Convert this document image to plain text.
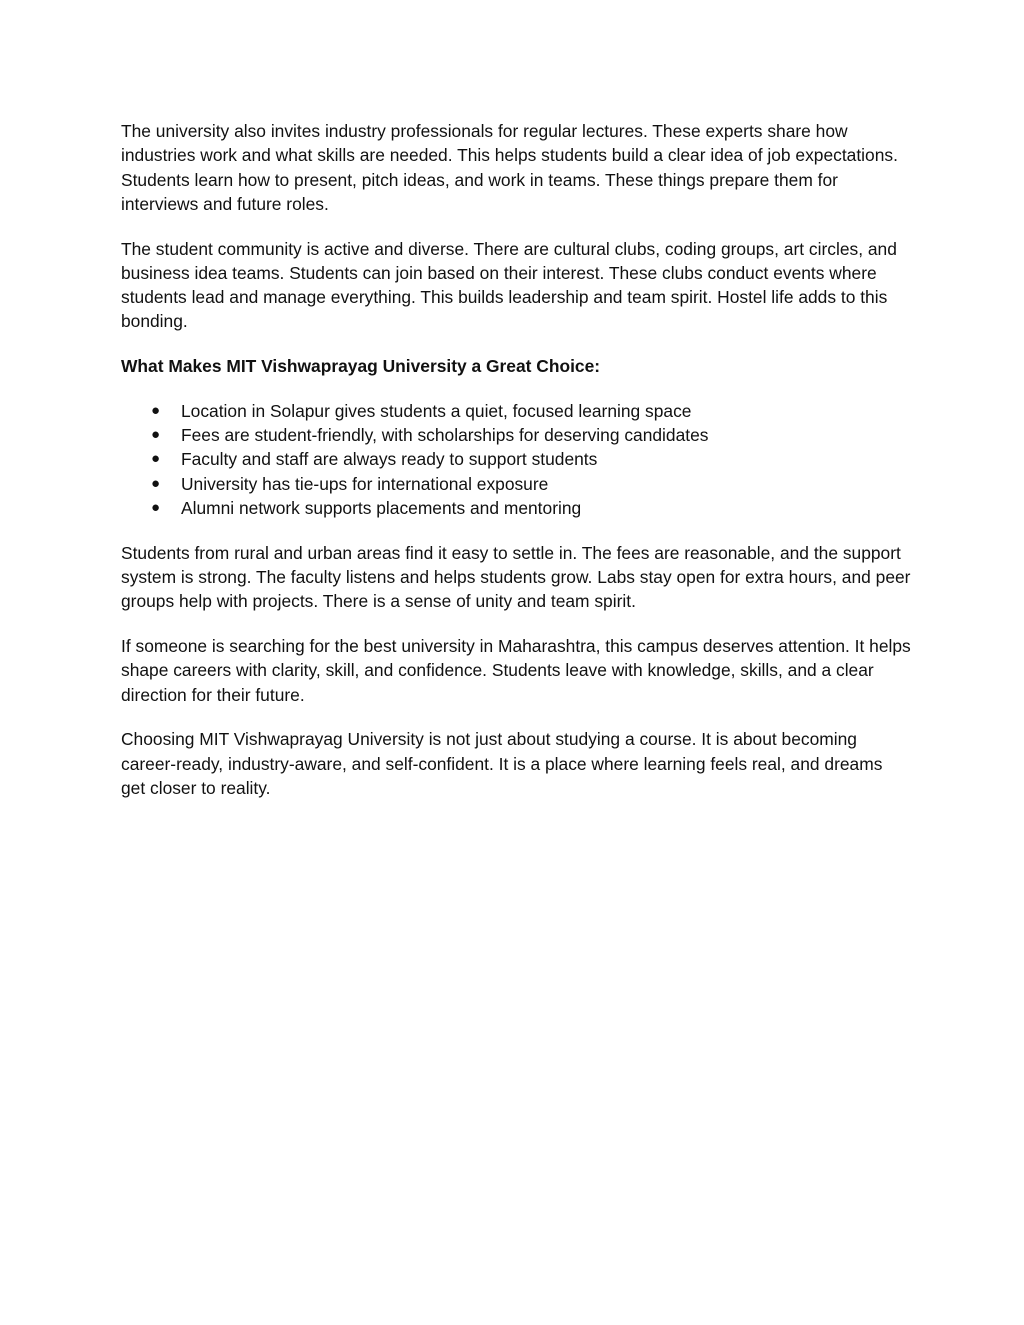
The university also invites industry professionals for regular lectures. These experts share how industries work and what skills are needed. This helps students build a clear idea of job expectations. Students learn how to present, pitch ideas, and work in teams. These things prepare them for interviews and future roles.

The student community is active and diverse. There are cultural clubs, coding groups, art circles, and business idea teams. Students can join based on their interest. These clubs conduct events where students lead and manage everything. This builds leadership and team spirit. Hostel life adds to this bonding.

What Makes MIT Vishwaprayag University a Great Choice:

● Location in Solapur gives students a quiet, focused learning space
● Fees are student-friendly, with scholarships for deserving candidates
● Faculty and staff are always ready to support students
● University has tie-ups for international exposure
● Alumni network supports placements and mentoring

Students from rural and urban areas find it easy to settle in. The fees are reasonable, and the support system is strong. The faculty listens and helps students grow. Labs stay open for extra hours, and peer groups help with projects. There is a sense of unity and team spirit.

If someone is searching for the best university in Maharashtra, this campus deserves attention. It helps shape careers with clarity, skill, and confidence. Students leave with knowledge, skills, and a clear direction for their future.

Choosing MIT Vishwaprayag University is not just about studying a course. It is about becoming career-ready, industry-aware, and self-confident. It is a place where learning feels real, and dreams get closer to reality.
